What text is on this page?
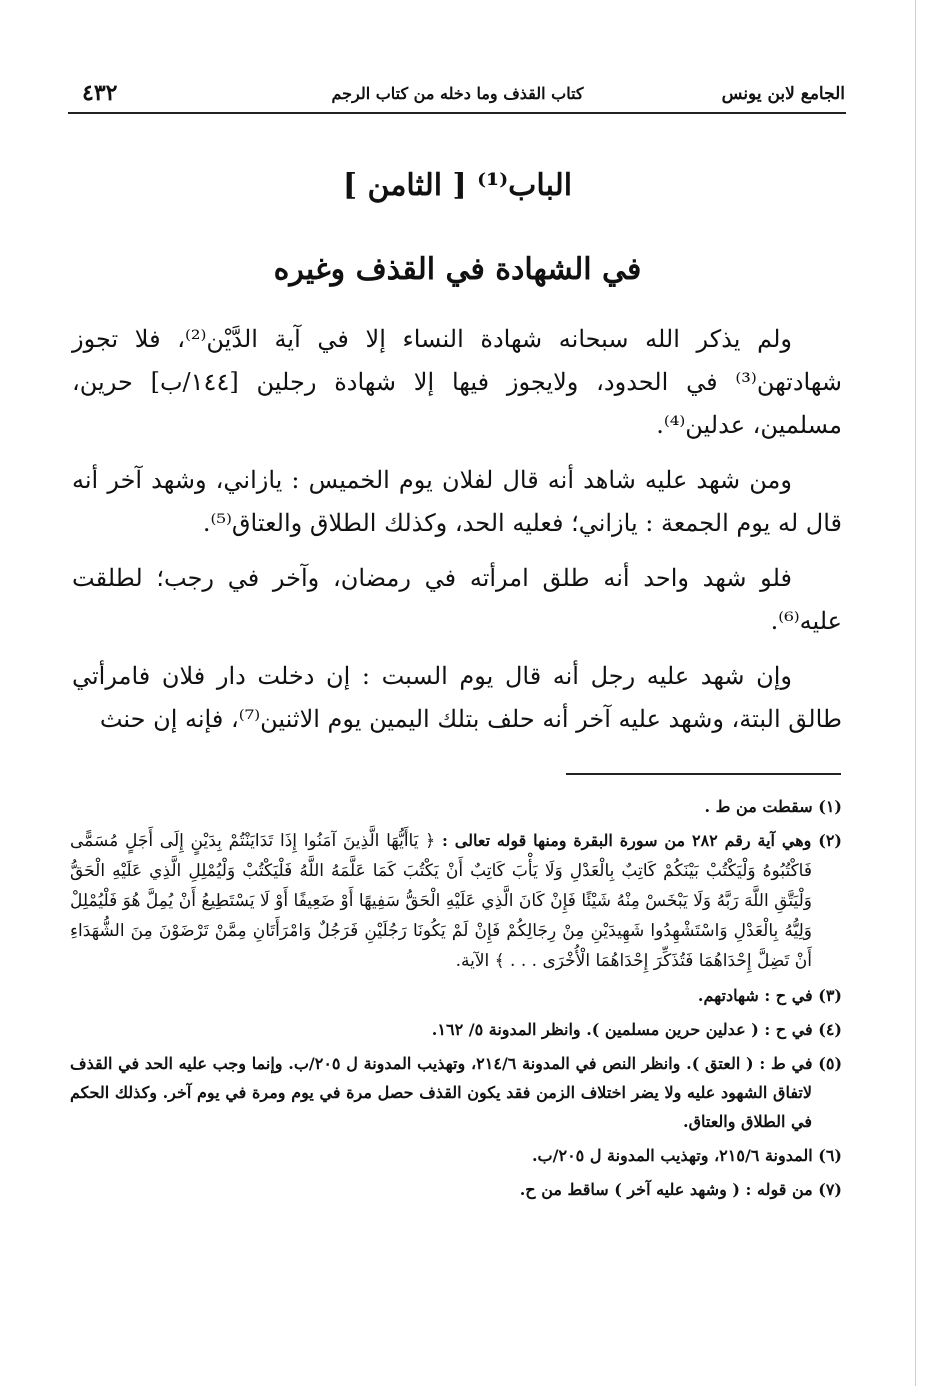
الجامع لابن يونس
كتاب القذف وما دخله من كتاب الرجم
٤٣٢
الباب⁽¹⁾ [ الثامن ]
في الشهادة في القذف وغيره

ولم يذكر الله سبحانه شهادة النساء إلا في آية الدَّيْن⁽²⁾، فلا تجوز شهادتهن⁽³⁾ في الحدود، ولايجوز فيها إلا شهادة رجلين [١٤٤/ب] حرين، مسلمين، عدلين⁽⁴⁾.

ومن شهد عليه شاهد أنه قال لفلان يوم الخميس : يازاني، وشهد آخر أنه قال له يوم الجمعة : يازاني؛ فعليه الحد، وكذلك الطلاق والعتاق⁽⁵⁾.

فلو شهد واحد أنه طلق امرأته في رمضان، وآخر في رجب؛ لطلقت عليه⁽⁶⁾.

وإن شهد عليه رجل أنه قال يوم السبت : إن دخلت دار فلان فامرأتي طالق البتة، وشهد عليه آخر أنه حلف بتلك اليمين يوم الاثنين⁽⁷⁾، فإنه إن حنث

(١) سقطت من ط .

(٢) وهي آية رقم ٢٨٢ من سورة البقرة ومنها قوله تعالى : ﴿ يَاأَيُّهَا الَّذِينَ آمَنُوا إِذَا تَدَايَنْتُمْ بِدَيْنٍ إِلَى أَجَلٍ مُسَمًّى فَاكْتُبُوهُ وَلْيَكْتُبْ بَيْنَكُمْ كَاتِبٌ بِالْعَدْلِ وَلَا يَأْبَ كَاتِبٌ أَنْ يَكْتُبَ كَمَا عَلَّمَهُ اللَّهُ فَلْيَكْتُبْ وَلْيُمْلِلِ الَّذِي عَلَيْهِ الْحَقُّ وَلْيَتَّقِ اللَّهَ رَبَّهُ وَلَا يَبْخَسْ مِنْهُ شَيْئًا فَإِنْ كَانَ الَّذِي عَلَيْهِ الْحَقُّ سَفِيهًا أَوْ ضَعِيفًا أَوْ لَا يَسْتَطِيعُ أَنْ يُمِلَّ هُوَ فَلْيُمْلِلْ وَلِيُّهُ بِالْعَدْلِ وَاسْتَشْهِدُوا شَهِيدَيْنِ مِنْ رِجَالِكُمْ فَإِنْ لَمْ يَكُونَا رَجُلَيْنِ فَرَجُلٌ وَامْرَأَتَانِ مِمَّنْ تَرْضَوْنَ مِنَ الشُّهَدَاءِ أَنْ تَضِلَّ إِحْدَاهُمَا فَتُذَكِّرَ إِحْدَاهُمَا الْأُخْرَى . . . ﴾ الآية.

(٣) في ح : شهادتهم.

(٤) في ح : ( عدلين حرين مسلمين ). وانظر المدونة ٥/ ١٦٢.

(٥) في ط : ( العتق ). وانظر النص في المدونة ٢١٤/٦، وتهذيب المدونة ل ٢٠٥/ب. وإنما وجب عليه الحد في القذف لاتفاق الشهود عليه ولا يضر اختلاف الزمن فقد يكون القذف حصل مرة في يوم ومرة في يوم آخر. وكذلك الحكم في الطلاق والعتاق.

(٦) المدونة ٢١٥/٦، وتهذيب المدونة ل ٢٠٥/ب.

(٧) من قوله : ( وشهد عليه آخر ) ساقط من ح.
